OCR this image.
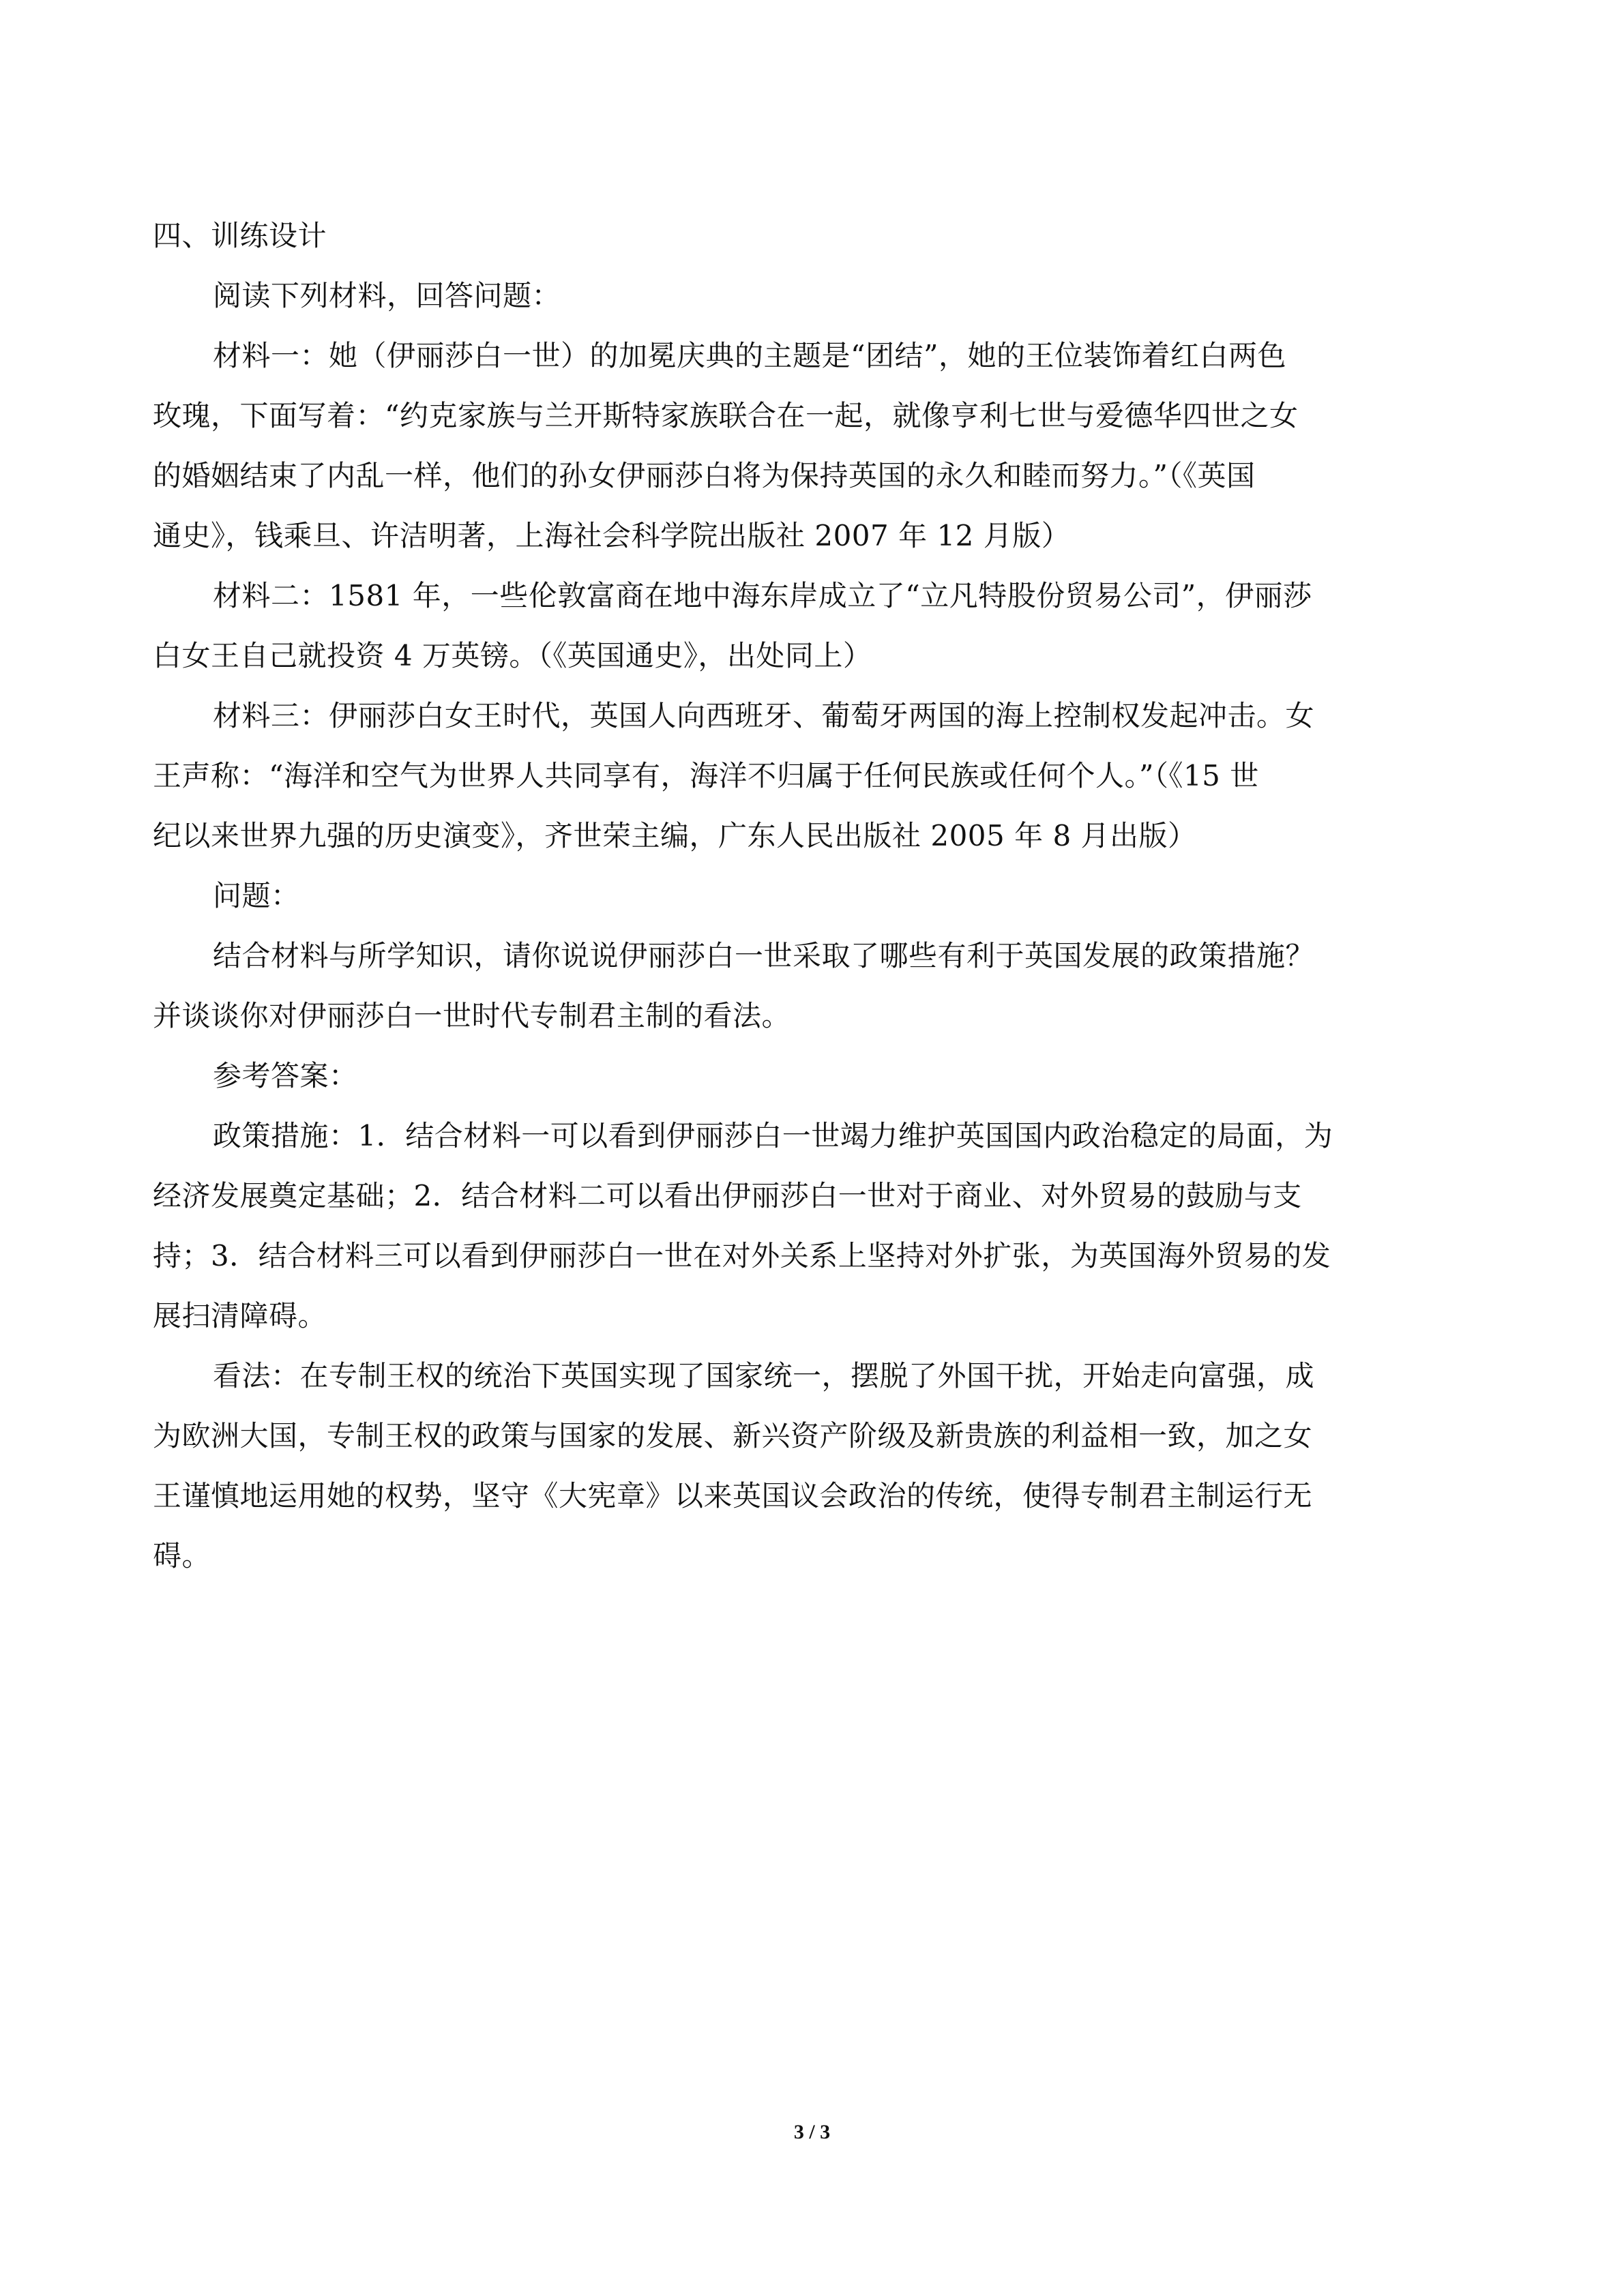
四、训练设计
阅读下列材料，回答问题：
材料一：她（伊丽莎白一世）的加冕庆典的主题是“团结”，她的王位装饰着红白两色
玫瑰，下面写着：“约克家族与兰开斯特家族联合在一起，就像亨利七世与爱德华四世之女
的婚姻结束了内乱一样，他们的孙女伊丽莎白将为保持英国的永久和睦而努力。”（《英国
通史》，钱乘旦、许洁明著，上海社会科学院出版社 2007 年 12 月版）
材料二：1581 年，一些伦敦富商在地中海东岸成立了“立凡特股份贸易公司”，伊丽莎
白女王自己就投资 4 万英镑。（《英国通史》，出处同上）
材料三：伊丽莎白女王时代，英国人向西班牙、葡萄牙两国的海上控制权发起冲击。女
王声称：“海洋和空气为世界人共同享有，海洋不归属于任何民族或任何个人。”（《15 世
纪以来世界九强的历史演变》，齐世荣主编，广东人民出版社 2005 年 8 月出版）
问题：
结合材料与所学知识，请你说说伊丽莎白一世采取了哪些有利于英国发展的政策措施？
并谈谈你对伊丽莎白一世时代专制君主制的看法。
参考答案：
政策措施：1．结合材料一可以看到伊丽莎白一世竭力维护英国国内政治稳定的局面，为
经济发展奠定基础；2．结合材料二可以看出伊丽莎白一世对于商业、对外贸易的鼓励与支
持；3．结合材料三可以看到伊丽莎白一世在对外关系上坚持对外扩张，为英国海外贸易的发
展扫清障碍。
看法：在专制王权的统治下英国实现了国家统一，摆脱了外国干扰，开始走向富强，成
为欧洲大国，专制王权的政策与国家的发展、新兴资产阶级及新贵族的利益相一致，加之女
王谨慎地运用她的权势，坚守《大宪章》以来英国议会政治的传统，使得专制君主制运行无
碍。
3 / 3
